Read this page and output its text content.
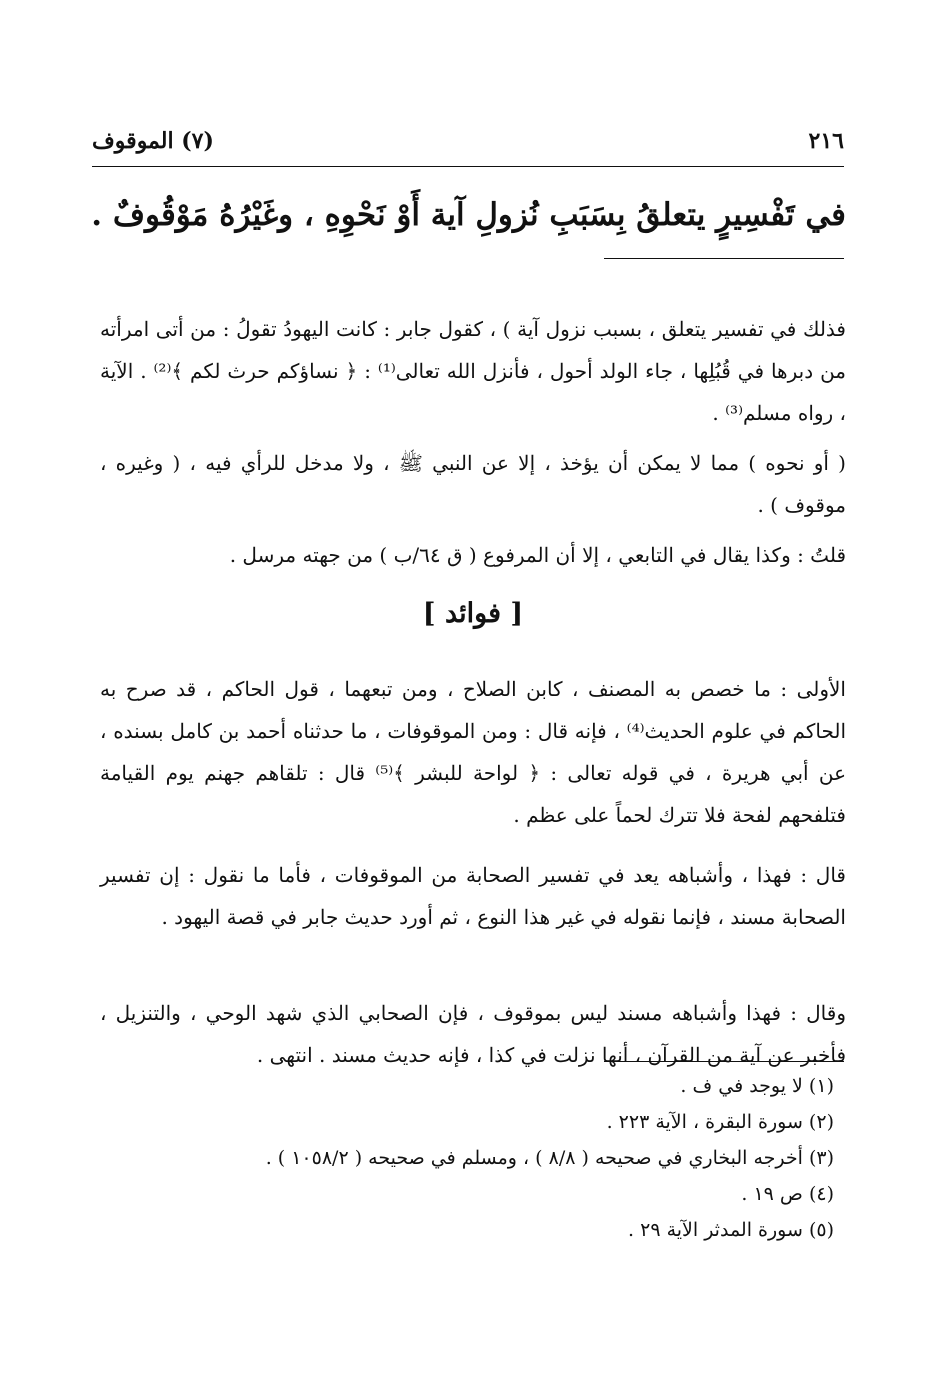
٢١٦
(٧) الموقوف
في تَفْسِيرٍ يتعلقُ بِسَبَبِ نُزولِ آية أَوْ نَحْوِهِ ، وغَيْرُهُ مَوْقُوفٌ .

فذلك في تفسير يتعلق ، بسبب نزول آية ) ، كقول جابر : كانت اليهودُ تقولُ : من أتى امرأته من دبرها في قُبُلِها ، جاء الولد أحول ، فأنزل الله تعالى⁽¹⁾ : ﴿ نساؤكم حرث لكم ﴾⁽²⁾ . الآية ، رواه مسلم⁽³⁾ .

( أو نحوه ) مما لا يمكن أن يؤخذ ، إلا عن النبي ﷺ ، ولا مدخل للرأي فيه ، ( وغيره ، موقوف ) .

قلتُ : وكذا يقال في التابعي ، إلا أن المرفوع ( ق ٦٤/ب ) من جهته مرسل .

[ فوائد ]

الأولى : ما خصص به المصنف ، كابن الصلاح ، ومن تبعهما ، قول الحاكم ، قد صرح به الحاكم في علوم الحديث⁽⁴⁾ ، فإنه قال : ومن الموقوفات ، ما حدثناه أحمد بن كامل بسنده ، عن أبي هريرة ، في قوله تعالى : ﴿ لواحة للبشر ﴾⁽⁵⁾ قال : تلقاهم جهنم يوم القيامة فتلفحهم لفحة فلا تترك لحماً على عظم .

قال : فهذا ، وأشباهه يعد في تفسير الصحابة من الموقوفات ، فأما ما نقول : إن تفسير الصحابة مسند ، فإنما نقوله في غير هذا النوع ، ثم أورد حديث جابر في قصة اليهود .

وقال : فهذا وأشباهه مسند ليس بموقوف ، فإن الصحابي الذي شهد الوحي ، والتنزيل ، فأخبر عن آية من القرآن ، أنها نزلت في كذا ، فإنه حديث مسند . انتهى .

(١) لا يوجد في ف .
(٢) سورة البقرة ، الآية ٢٢٣ .
(٣) أخرجه البخاري في صحيحه ( ٨/٨ ) ، ومسلم في صحيحه ( ١٠٥٨/٢ ) .
(٤) ص ١٩ .
(٥) سورة المدثر الآية ٢٩ .
